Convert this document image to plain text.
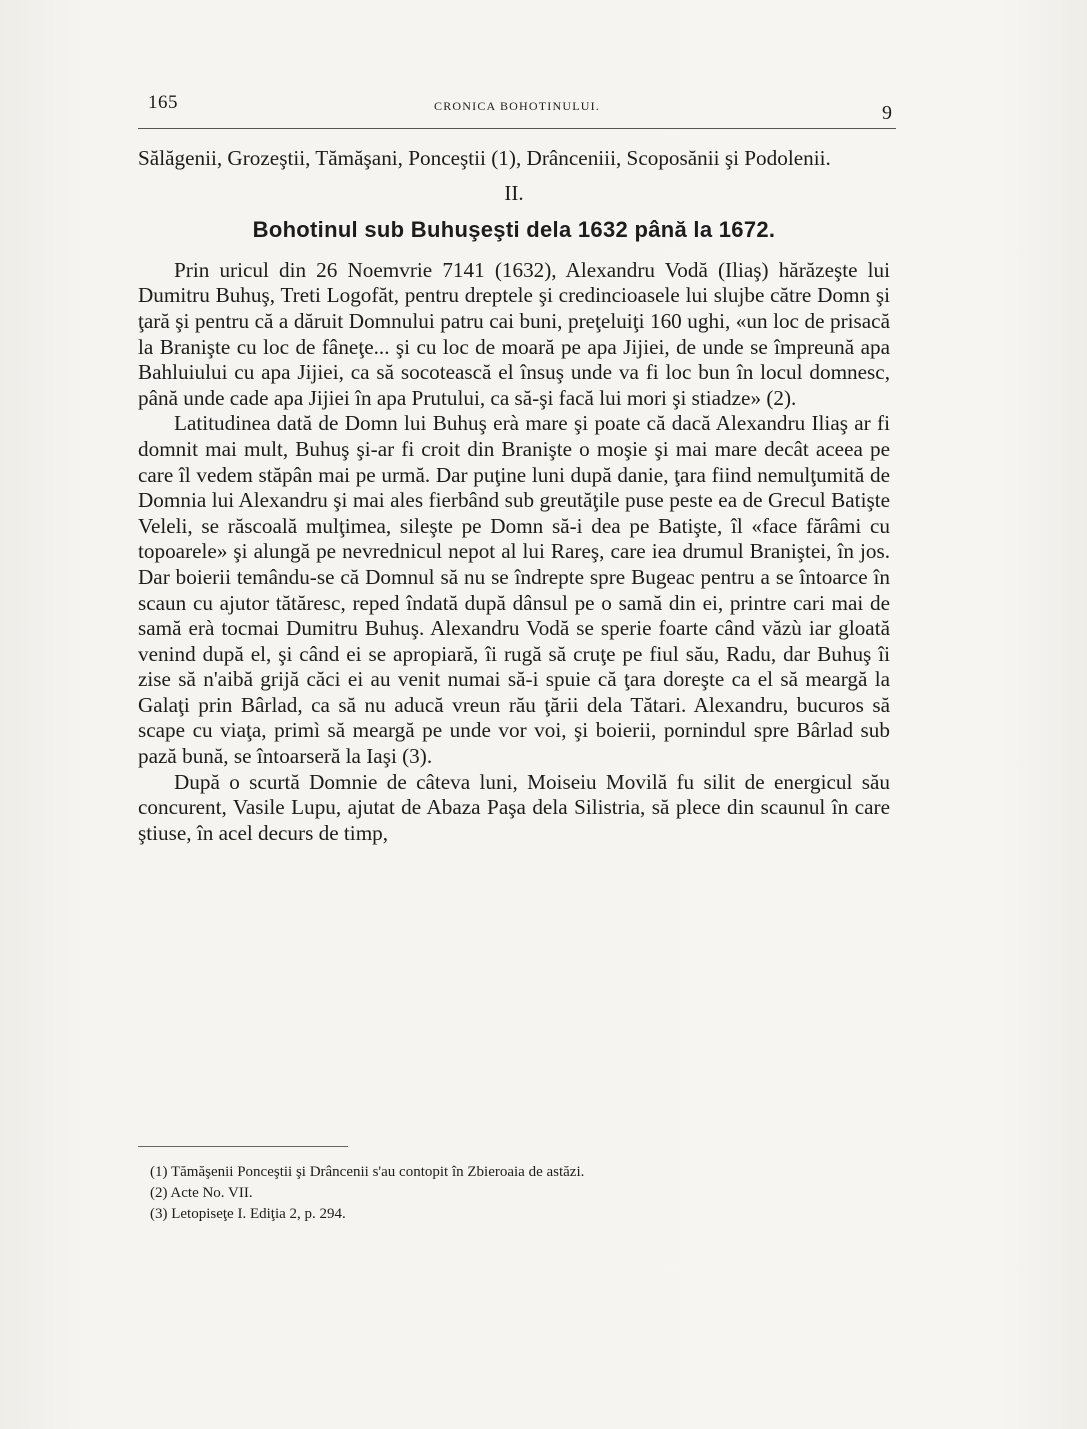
165	CRONICA BOHOTINULUI.	9

Sălăgenii, Grozeştii, Tămăşani, Ponceştii (1), Drânceniii, Scoposănii şi Podolenii.

II.

Bohotinul sub Buhuşeşti dela 1632 până la 1672.

Prin uricul din 26 Noemvrie 7141 (1632), Alexandru Vodă (Iliaş) hărăzeşte lui Dumitru Buhuş, Treti Logofăt, pentru dreptele şi credincioasele lui slujbe către Domn şi ţară şi pentru că a dăruit Domnului patru cai buni, preţeluiţi 160 ughi, «un loc de prisacă la Branişte cu loc de fâneţe... şi cu loc de moară pe apa Jijiei, de unde se împreună apa Bahluiului cu apa Jijiei, ca să socotească el însuş unde va fi loc bun în locul domnesc, până unde cade apa Jijiei în apa Prutului, ca să-şi facă lui mori şi stiadze» (2).

Latitudinea dată de Domn lui Buhuş erà mare şi poate că dacă Alexandru Iliaş ar fi domnit mai mult, Buhuş şi-ar fi croit din Branişte o moşie şi mai mare decât aceea pe care îl vedem stăpân mai pe urmă. Dar puţine luni după danie, ţara fiind nemulţumită de Domnia lui Alexandru şi mai ales fierbând sub greutăţile puse peste ea de Grecul Batişte Veleli, se răscoală mulţimea, sileşte pe Domn să-i dea pe Batişte, îl «face fărâmi cu topoarele» şi alungă pe nevrednicul nepot al lui Rareş, care iea drumul Braniştei, în jos. Dar boierii temându-se că Domnul să nu se îndrepte spre Bugeac pentru a se întoarce în scaun cu ajutor tătăresc, reped îndată după dânsul pe o samă din ei, printre cari mai de samă erà tocmai Dumitru Buhuş. Alexandru Vodă se sperie foarte când văzù iar gloată venind după el, şi când ei se apropiară, îi rugă să cruţe pe fiul său, Radu, dar Buhuş îi zise să n'aibă grijă căci ei au venit numai să-i spuie că ţara doreşte ca el să meargă la Galaţi prin Bârlad, ca să nu aducă vreun rău ţării dela Tătari. Alexandru, bucuros să scape cu viaţa, primì să meargă pe unde vor voi, şi boierii, pornindul spre Bârlad sub pază bună, se întoarseră la Iaşi (3).

După o scurtă Domnie de câteva luni, Moiseiu Movilă fu silit de energicul său concurent, Vasile Lupu, ajutat de Abaza Paşa dela Silistria, să plece din scaunul în care ştiuse, în acel decurs de timp,

(1) Tămăşenii Ponceştii şi Drâncenii s'au contopit în Zbieroaia de astăzi.
(2) Acte No. VII.
(3) Letopiseţe I. Ediţia 2, p. 294.
